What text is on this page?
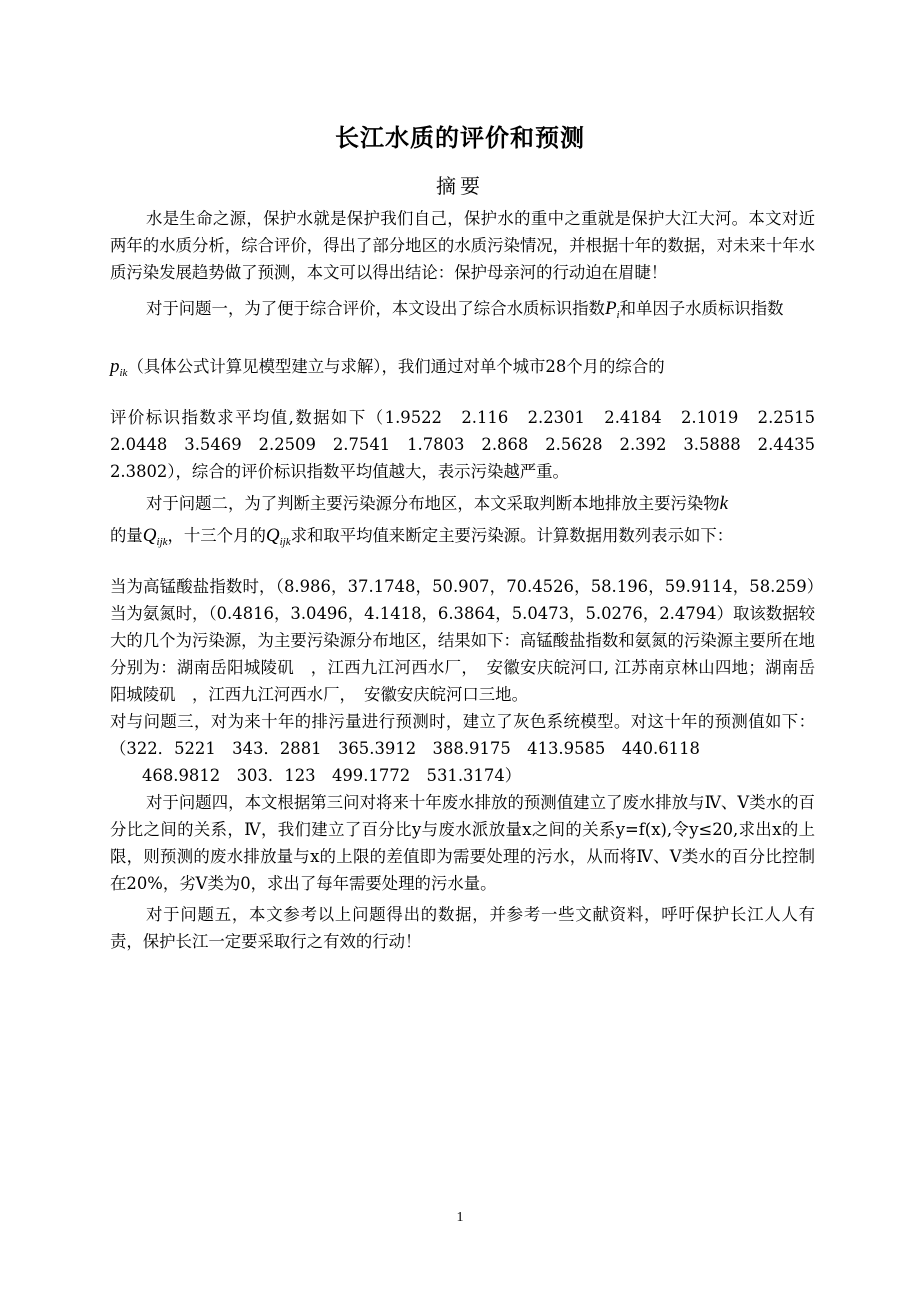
长江水质的评价和预测
摘要

水是生命之源，保护水就是保护我们自己，保护水的重中之重就是保护大江大河。本文对近两年的水质分析，综合评价，得出了部分地区的水质污染情况，并根据十年的数据，对未来十年水质污染发展趋势做了预测，本文可以得出结论：保护母亲河的行动迫在眉睫！

对于问题一，为了便于综合评价，本文设出了综合水质标识指数$P_i$和单因子水质标识指数

$p_{ik}$（具体公式计算见模型建立与求解），我们通过对单个城市28个月的综合的

评价标识指数求平均值,数据如下（1.9522　2.116　2.2301　2.4184　2.1019　2.2515　2.0448　3.5469　2.2509　2.7541　1.7803　2.868　2.5628　2.392　3.5888　2.4435　2.3802），综合的评价标识指数平均值越大，表示污染越严重。

对于问题二，为了判断主要污染源分布地区，本文采取判断本地排放主要污染物k

的量$Q_{ijk}$，十三个月的$Q_{ijk}$求和取平均值来断定主要污染源。计算数据用数列表示如下：

当为高锰酸盐指数时，（8.986，37.1748，50.907，70.4526，58.196，59.9114，58.259）当为氨氮时，（0.4816，3.0496，4.1418，6.3864，5.0473，5.0276，2.4794）取该数据较大的几个为污染源，为主要污染源分布地区，结果如下：高锰酸盐指数和氨氮的污染源主要所在地分别为：湖南岳阳城陵矶　，江西九江河西水厂，　安徽安庆皖河口, 江苏南京林山四地；湖南岳阳城陵矶　，江西九江河西水厂，　安徽安庆皖河口三地。

对与问题三，对为来十年的排污量进行预测时，建立了灰色系统模型。对这十年的预测值如下：（322．5221　343．2881　365.3912　388.9175　413.9585　440.6118

468.9812　303．123　499.1772　531.3174）

对于问题四，本文根据第三问对将来十年废水排放的预测值建立了废水排放与Ⅳ、Ⅴ类水的百分比之间的关系，Ⅳ，我们建立了百分比y与废水派放量x之间的关系y=f(x),令y≤20,求出x的上限，则预测的废水排放量与x的上限的差值即为需要处理的污水，从而将Ⅳ、Ⅴ类水的百分比控制在20%，劣Ⅴ类为0，求出了每年需要处理的污水量。

对于问题五，本文参考以上问题得出的数据，并参考一些文献资料，呼吁保护长江人人有责，保护长江一定要采取行之有效的行动！

1
